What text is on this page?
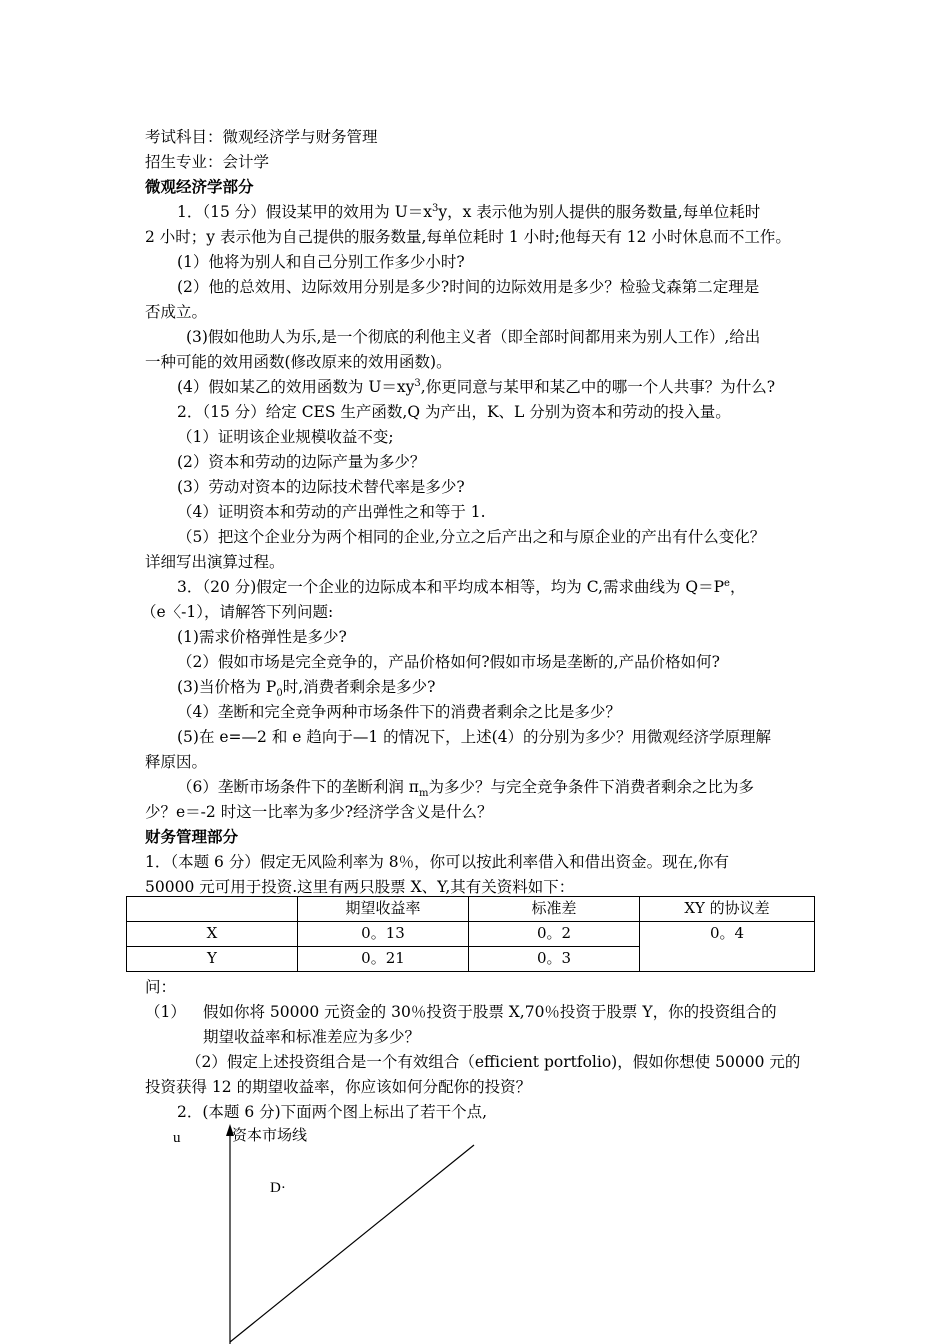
考试科目：微观经济学与财务管理
招生专业：会计学
微观经济学部分
1．（15 分）假设某甲的效用为 $U=x^3y$，x 表示他为别人提供的服务数量,每单位耗时
2 小时；y 表示他为自己提供的服务数量,每单位耗时 1 小时;他每天有 12 小时休息而不工作。
(1）他将为别人和自己分别工作多少小时?
(2）他的总效用、边际效用分别是多少?时间的边际效用是多少？检验戈森第二定理是
否成立。
(3)假如他助人为乐,是一个彻底的利他主义者（即全部时间都用来为别人工作）,给出
一种可能的效用函数(修改原来的效用函数)。
(4）假如某乙的效用函数为 $U=xy^3$,你更同意与某甲和某乙中的哪一个人共事？为什么?
2．（15 分）给定 CES 生产函数,Q 为产出，K、L 分别为资本和劳动的投入量。
（1）证明该企业规模收益不变;
(2）资本和劳动的边际产量为多少？
(3）劳动对资本的边际技术替代率是多少?
（4）证明资本和劳动的产出弹性之和等于 1.
（5）把这个企业分为两个相同的企业,分立之后产出之和与原企业的产出有什么变化？
详细写出演算过程。
3．（20 分)假定一个企业的边际成本和平均成本相等，均为 C,需求曲线为 $Q=P^e$，
（e〈-1），请解答下列问题:
(1)需求价格弹性是多少?
（2）假如市场是完全竞争的，产品价格如何?假如市场是垄断的,产品价格如何?
(3)当价格为 $P_0$时,消费者剩余是多少?
（4）垄断和完全竞争两种市场条件下的消费者剩余之比是多少？
(5)在 e=—2 和 e 趋向于—1 的情况下，上述(4）的分别为多少？用微观经济学原理解
释原因。
（6）垄断市场条件下的垄断利润 $\pi_m$为多少？与完全竞争条件下消费者剩余之比为多
少？e＝-2 时这一比率为多少?经济学含义是什么？
财务管理部分
1．（本题 6 分）假定无风险利率为 8％，你可以按此利率借入和借出资金。现在,你有
50000 元可用于投资.这里有两只股票 X、Y,其有关资料如下：
	期望收益率	标准差	XY 的协议差
X	0。13	0。2	0。4
Y	0。21	0。3	
问：
（1）	假如你将 50000 元资金的 30％投资于股票 X,70％投资于股票 Y，你的投资组合的
期望收益率和标准差应为多少？
（2）假定上述投资组合是一个有效组合（efficient portfolio)，假如你想使 50000 元的
投资获得 12 的期望收益率，你应该如何分配你的投资？
2．(本题 6 分)下面两个图上标出了若干个点,
u	资本市场线
D·
